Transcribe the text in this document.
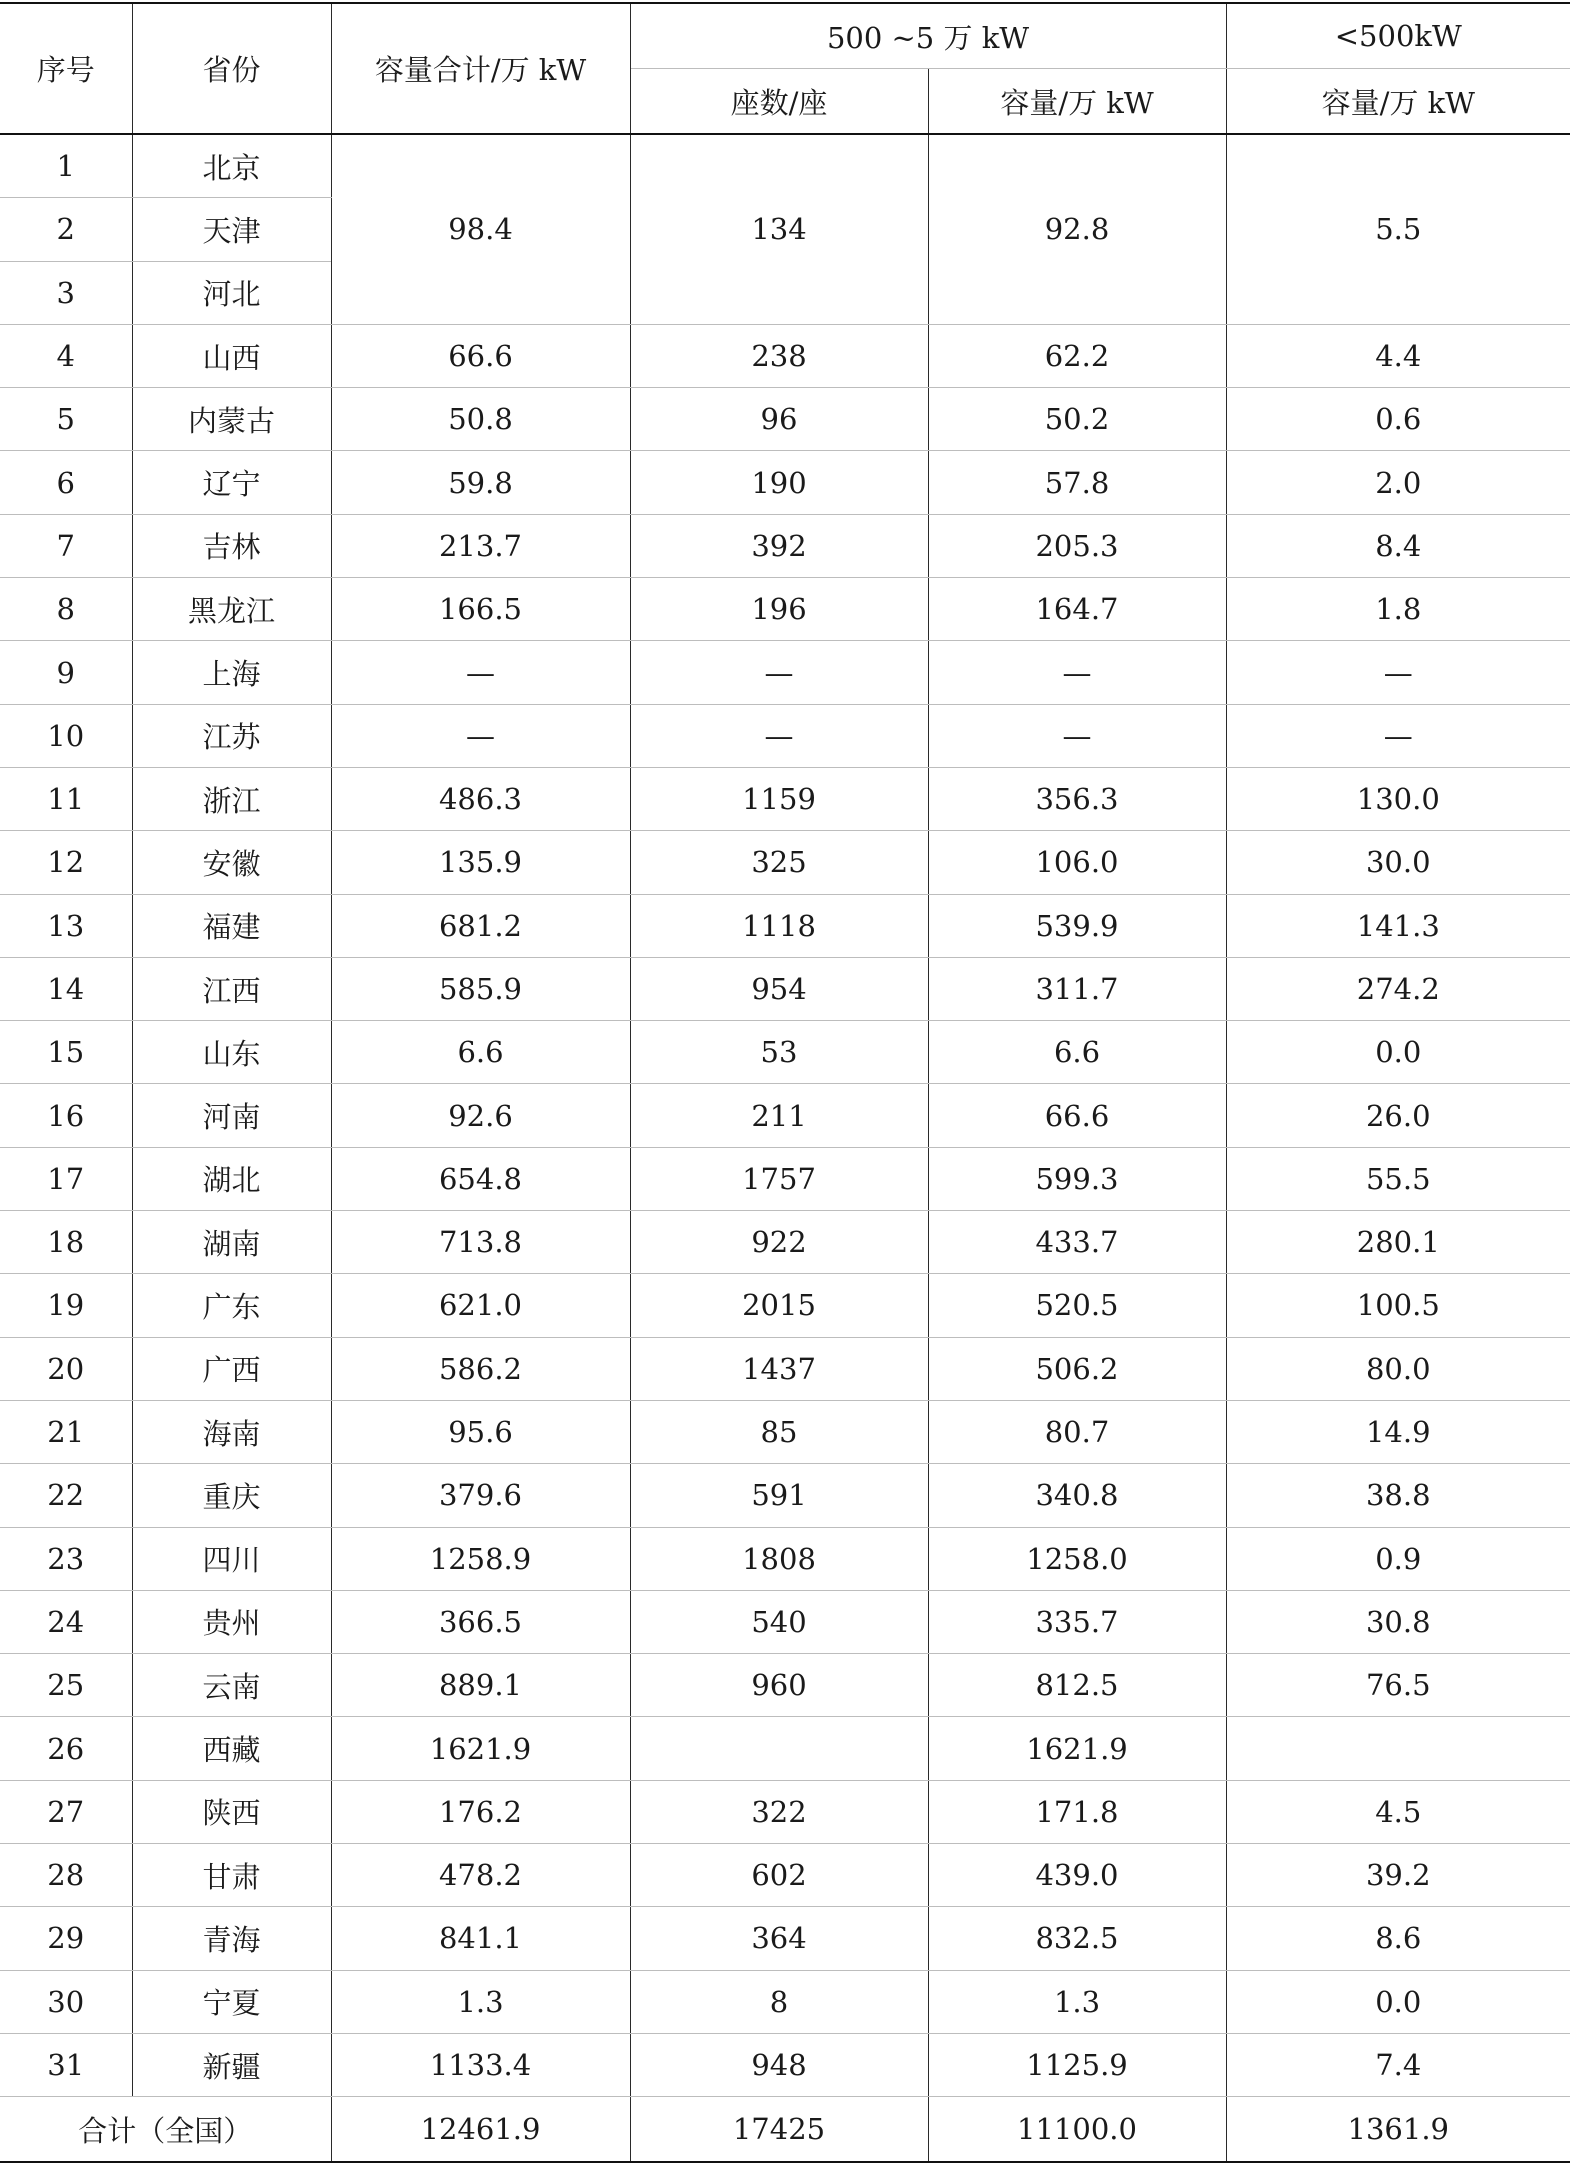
序号	省份	容量合计/万 kW	500 ~5 万 kW		<500kW
			座数/座	容量/万 kW	容量/万 kW
1	北京	98.4	134	92.8	5.5
2	天津				
3	河北				
4	山西	66.6	238	62.2	4.4
5	内蒙古	50.8	96	50.2	0.6
6	辽宁	59.8	190	57.8	2.0
7	吉林	213.7	392	205.3	8.4
8	黑龙江	166.5	196	164.7	1.8
9	上海	—	—	—	—
10	江苏	—	—	—	—
11	浙江	486.3	1159	356.3	130.0
12	安徽	135.9	325	106.0	30.0
13	福建	681.2	1118	539.9	141.3
14	江西	585.9	954	311.7	274.2
15	山东	6.6	53	6.6	0.0
16	河南	92.6	211	66.6	26.0
17	湖北	654.8	1757	599.3	55.5
18	湖南	713.8	922	433.7	280.1
19	广东	621.0	2015	520.5	100.5
20	广西	586.2	1437	506.2	80.0
21	海南	95.6	85	80.7	14.9
22	重庆	379.6	591	340.8	38.8
23	四川	1258.9	1808	1258.0	0.9
24	贵州	366.5	540	335.7	30.8
25	云南	889.1	960	812.5	76.5
26	西藏	1621.9		1621.9	
27	陕西	176.2	322	171.8	4.5
28	甘肃	478.2	602	439.0	39.2
29	青海	841.1	364	832.5	8.6
30	宁夏	1.3	8	1.3	0.0
31	新疆	1133.4	948	1125.9	7.4
合计（全国）		12461.9	17425	11100.0	1361.9
